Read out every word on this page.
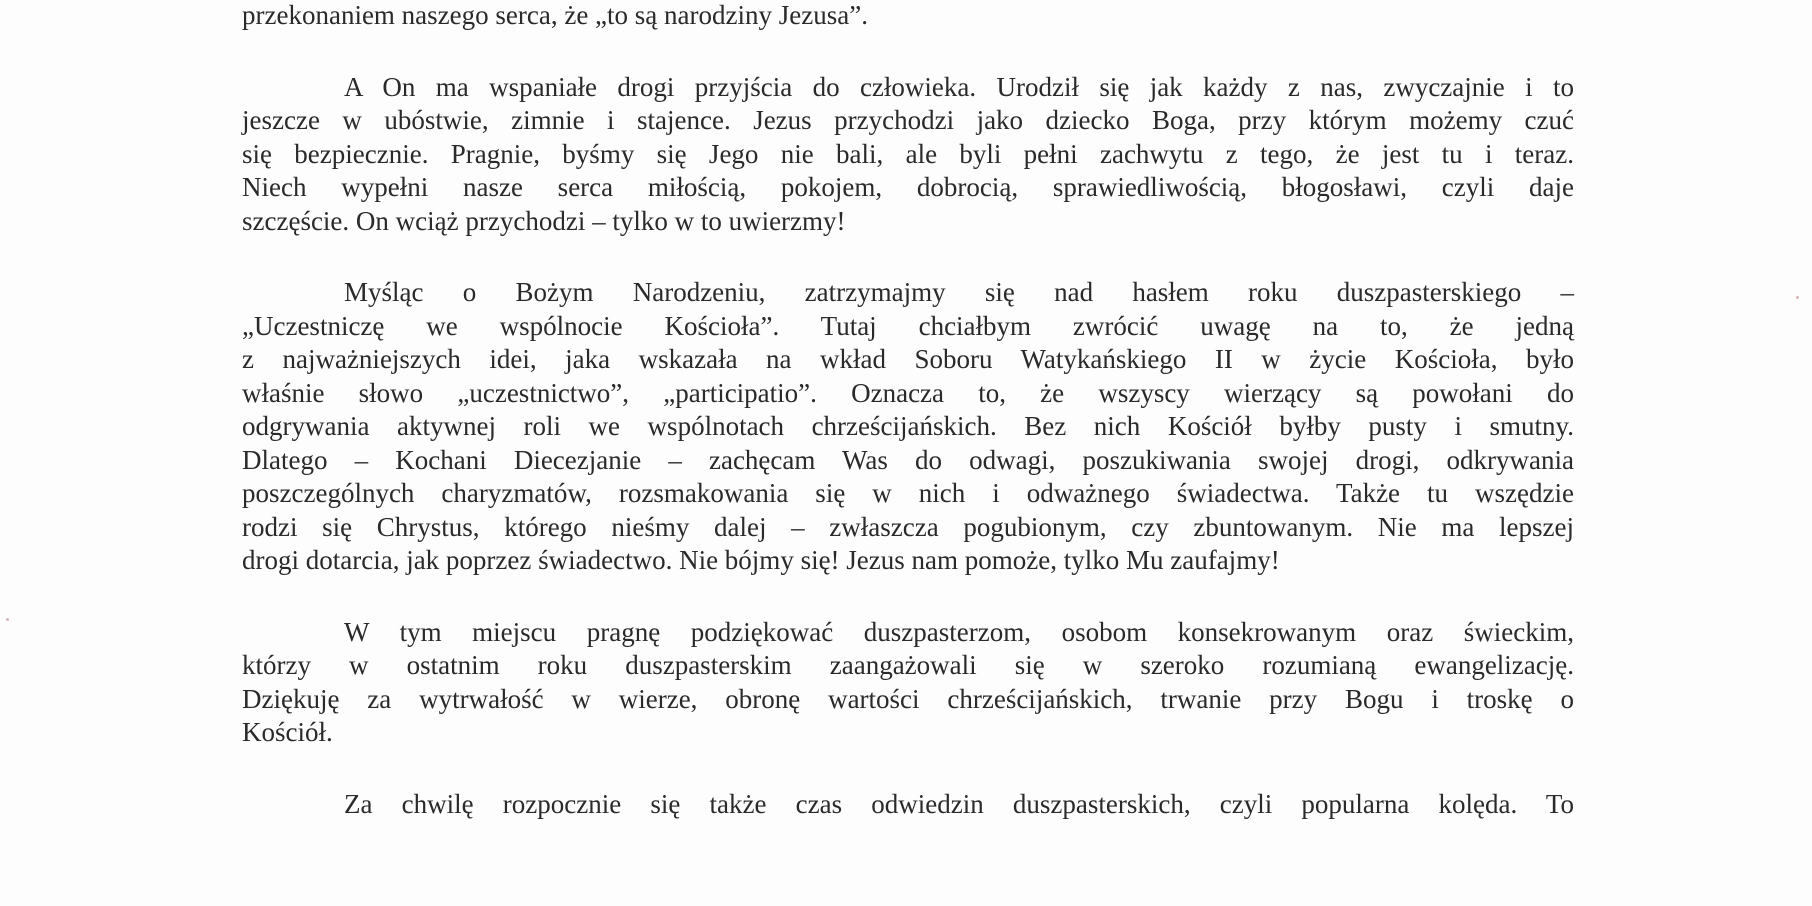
przekonaniem naszego serca, że „to są narodziny Jezusa”.

A On ma wspaniałe drogi przyjścia do człowieka. Urodził się jak każdy z nas, zwyczajnie i to
jeszcze w ubóstwie, zimnie i stajence. Jezus przychodzi jako dziecko Boga, przy którym możemy czuć
się bezpiecznie. Pragnie, byśmy się Jego nie bali, ale byli pełni zachwytu z tego, że jest tu i teraz.
Niech wypełni nasze serca miłością, pokojem, dobrocią, sprawiedliwością, błogosławi, czyli daje
szczęście. On wciąż przychodzi – tylko w to uwierzmy!

Myśląc o Bożym Narodzeniu, zatrzymajmy się nad hasłem roku duszpasterskiego –
„Uczestniczę we wspólnocie Kościoła”. Tutaj chciałbym zwrócić uwagę na to, że jedną
z najważniejszych idei, jaka wskazała na wkład Soboru Watykańskiego II w życie Kościoła, było
właśnie słowo „uczestnictwo”, „participatio”. Oznacza to, że wszyscy wierzący są powołani do
odgrywania aktywnej roli we wspólnotach chrześcijańskich. Bez nich Kościół byłby pusty i smutny.
Dlatego – Kochani Diecezjanie – zachęcam Was do odwagi, poszukiwania swojej drogi, odkrywania
poszczególnych charyzmatów, rozsmakowania się w nich i odważnego świadectwa. Także tu wszędzie
rodzi się Chrystus, którego nieśmy dalej – zwłaszcza pogubionym, czy zbuntowanym. Nie ma lepszej
drogi dotarcia, jak poprzez świadectwo. Nie bójmy się! Jezus nam pomoże, tylko Mu zaufajmy!

W tym miejscu pragnę podziękować duszpasterzom, osobom konsekrowanym oraz świeckim,
którzy w ostatnim roku duszpasterskim zaangażowali się w szeroko rozumianą ewangelizację.
Dziękuję za wytrwałość w wierze, obronę wartości chrześcijańskich, trwanie przy Bogu i troskę o
Kościół.

Za chwilę rozpocznie się także czas odwiedzin duszpasterskich, czyli popularna kolęda. To
